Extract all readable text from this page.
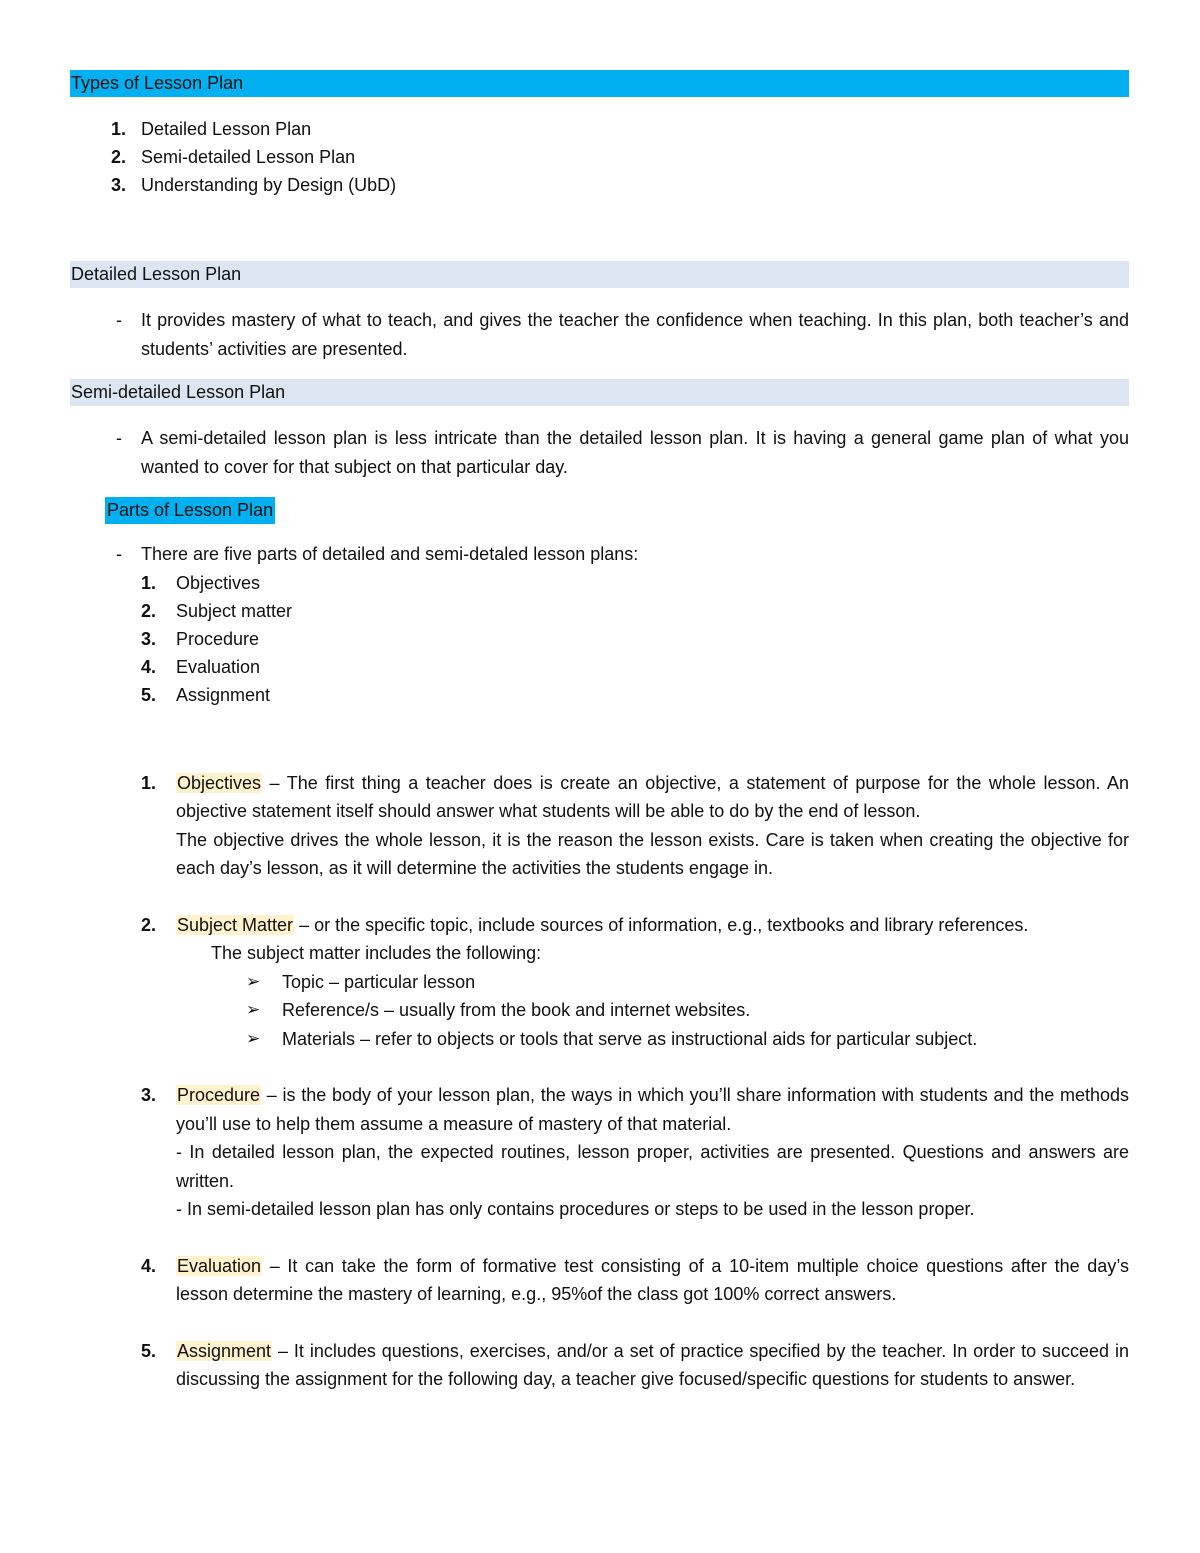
Types of Lesson Plan
1. Detailed Lesson Plan
2. Semi-detailed Lesson Plan
3. Understanding by Design (UbD)
Detailed Lesson Plan
- It provides mastery of what to teach, and gives the teacher the confidence when teaching. In this plan, both teacher’s and students’ activities are presented.
Semi-detailed Lesson Plan
- A semi-detailed lesson plan is less intricate than the detailed lesson plan. It is having a general game plan of what you wanted to cover for that subject on that particular day.
Parts of Lesson Plan
- There are five parts of detailed and semi-detaled lesson plans:
1.	Objectives
2.	Subject matter
3.	Procedure
4.	Evaluation
5.	Assignment
1. Objectives – The first thing a teacher does is create an objective, a statement of purpose for the whole lesson. An objective statement itself should answer what students will be able to do by the end of lesson.
The objective drives the whole lesson, it is the reason the lesson exists. Care is taken when creating the objective for each day’s lesson, as it will determine the activities the students engage in.
2. Subject Matter – or the specific topic, include sources of information, e.g., textbooks and library references.
The subject matter includes the following:
➢ Topic – particular lesson
➢ Reference/s – usually from the book and internet websites.
➢ Materials – refer to objects or tools that serve as instructional aids for particular subject.
3. Procedure – is the body of your lesson plan, the ways in which you’ll share information with students and the methods you’ll use to help them assume a measure of mastery of that material.
- In detailed lesson plan, the expected routines, lesson proper, activities are presented. Questions and answers are written.
- In semi-detailed lesson plan has only contains procedures or steps to be used in the lesson proper.
4. Evaluation – It can take the form of formative test consisting of a 10-item multiple choice questions after the day’s lesson determine the mastery of learning, e.g., 95%of the class got 100% correct answers.
5. Assignment – It includes questions, exercises, and/or a set of practice specified by the teacher. In order to succeed in discussing the assignment for the following day, a teacher give focused/specific questions for students to answer.
